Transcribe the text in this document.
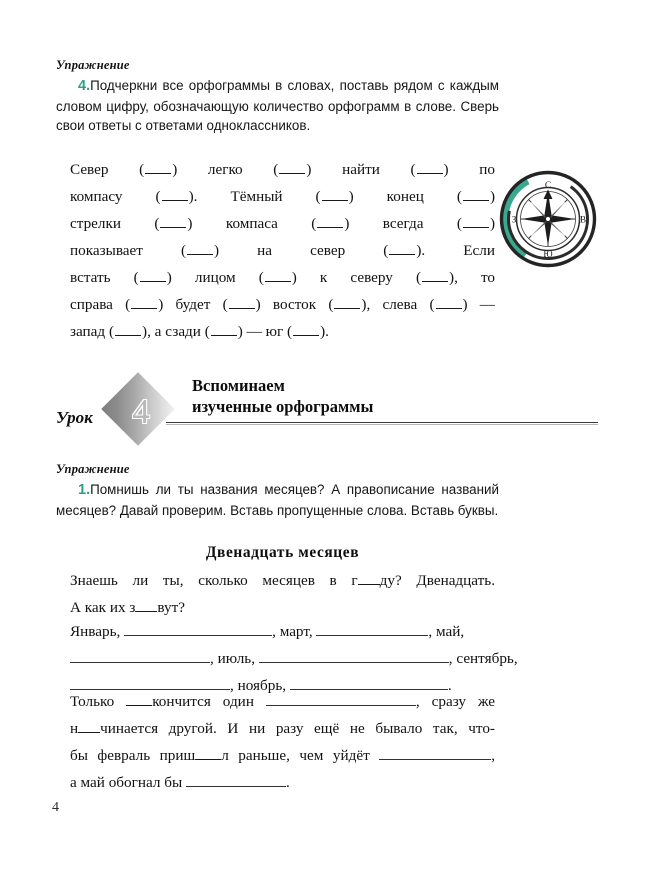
Упражнение
4.Подчеркни все орфограммы в словах, поставь рядом с каждым словом цифру, обозначающую количество орфограмм в слове. Сверь свои ответы с ответами одноклассников.
Север ( ) легко ( ) найти ( ) по
компасу ( ). Тёмный ( ) конец ( )
стрелки ( ) компаса ( ) всегда ( )
показывает ( ) на север ( ). Если
встать ( ) лицом ( ) к северу ( ), то
справа ( ) будет ( ) восток ( ), слева ( ) —
запад ( ), а сзади ( ) — юг ( ).
С
В
Ю
З
Урок	4
Вспоминаем
изученные орфограммы
Упражнение
1.Помнишь ли ты названия месяцев? А правописание названий месяцев? Давай проверим. Вставь пропущенные слова. Вставь буквы.
Двенадцать месяцев
Знаешь ли ты, сколько месяцев в г ду? Двенадцать.
А как их з вут?
Январь,	, март,	, май,
, июль,	, сентябрь,
, ноябрь,	.
Только кончится один	, сразу же
н чинается другой. И ни разу ещё не бывало так, что-
бы февраль приш л раньше, чем уйдёт	,
а май обогнал бы	.
4
